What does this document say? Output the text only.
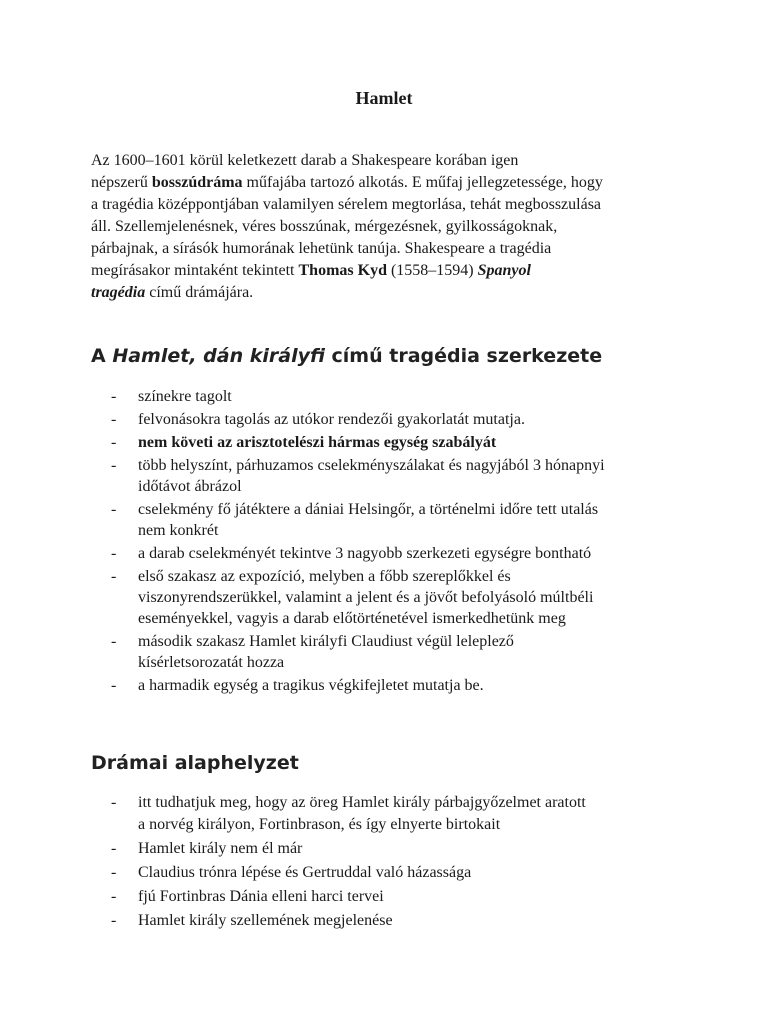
Hamlet
Az 1600–1601 körül keletkezett darab a Shakespeare korában igen
népszerű bosszúdráma műfajába tartozó alkotás. E műfaj jellegzetessége, hogy
a tragédia középpontjában valamilyen sérelem megtorlása, tehát megbosszulása
áll. Szellemjelenésnek, véres bosszúnak, mérgezésnek, gyilkosságoknak,
párbajnak, a sírásók humorának lehetünk tanúja. Shakespeare a tragédia
megírásakor mintaként tekintett Thomas Kyd (1558–1594) Spanyol
tragédia című drámájára.
A Hamlet, dán királyfi című tragédia szerkezete
- színekre tagolt
- felvonásokra tagolás az utókor rendezői gyakorlatát mutatja.
- nem követi az arisztotelészi hármas egység szabályát
- több helyszínt, párhuzamos cselekményszálakat és nagyjából 3 hónapnyi
időtávot ábrázol
- cselekmény fő játéktere a dániai Helsingőr, a történelmi időre tett utalás
nem konkrét
- a darab cselekményét tekintve 3 nagyobb szerkezeti egységre bontható
- első szakasz az expozíció, melyben a főbb szereplőkkel és
viszonyrendszerükkel, valamint a jelent és a jövőt befolyásoló múltbéli
eseményekkel, vagyis a darab előtörténetével ismerkedhetünk meg
- második szakasz Hamlet királyfi Claudiust végül leleplező
kísérletsorozatát hozza
- a harmadik egység a tragikus végkifejletet mutatja be.
Drámai alaphelyzet
- itt tudhatjuk meg, hogy az öreg Hamlet király párbajgyőzelmet aratott
a norvég királyon, Fortinbrason, és így elnyerte birtokait
- Hamlet király nem él már
- Claudius trónra lépése és Gertruddal való házassága
- fjú Fortinbras Dánia elleni harci tervei
- Hamlet király szellemének megjelenése
